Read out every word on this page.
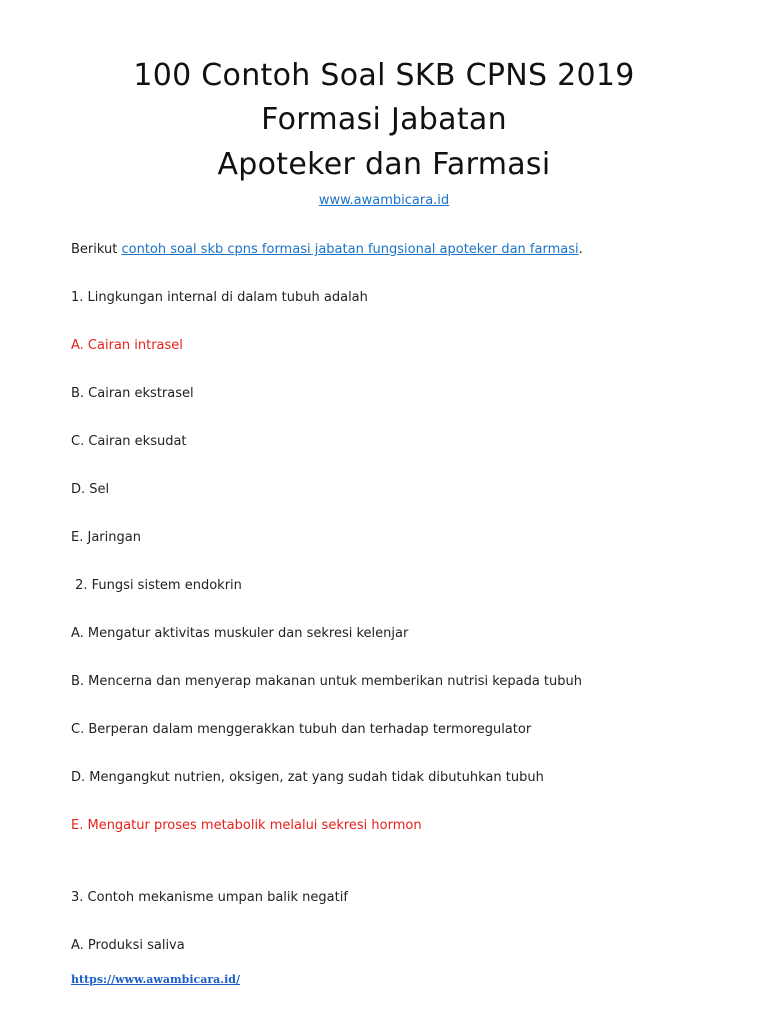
100 Contoh Soal SKB CPNS 2019
Formasi Jabatan
Apoteker dan Farmasi
www.awambicara.id
Berikut contoh soal skb cpns formasi jabatan fungsional apoteker dan farmasi.
1. Lingkungan internal di dalam tubuh adalah
A. Cairan intrasel
B. Cairan ekstrasel
C. Cairan eksudat
D. Sel
E. Jaringan
2. Fungsi sistem endokrin
A. Mengatur aktivitas muskuler dan sekresi kelenjar
B. Mencerna dan menyerap makanan untuk memberikan nutrisi kepada tubuh
C. Berperan dalam menggerakkan tubuh dan terhadap termoregulator
D. Mengangkut nutrien, oksigen, zat yang sudah tidak dibutuhkan tubuh
E. Mengatur proses metabolik melalui sekresi hormon
3. Contoh mekanisme umpan balik negatif
A. Produksi saliva
https://www.awambicara.id/
